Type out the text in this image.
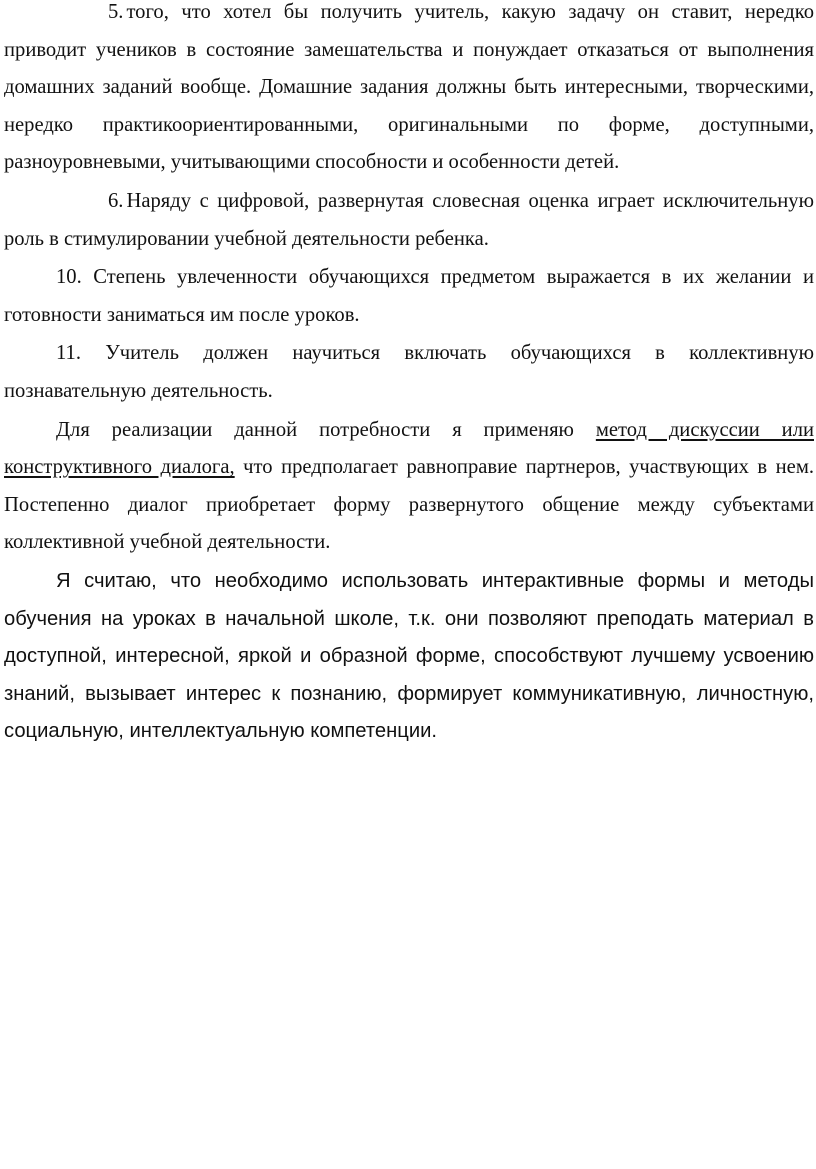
5. того, что хотел бы получить учитель, какую задачу он ставит, нередко приводит учеников в состояние замешательства и понуждает отказаться от выполнения домашних заданий вообще. Домашние задания должны быть интересными, творческими, нередко практикоориентированными, оригинальными по форме, доступными, разноуровневыми, учитывающими способности и особенности детей.

6. Наряду с цифровой, развернутая словесная оценка играет исключительную роль в стимулировании учебной деятельности ребенка.

10. Степень увлеченности обучающихся предметом выражается в их желании и готовности заниматься им после уроков.

11. Учитель должен научиться включать обучающихся в коллективную познавательную деятельность.

Для реализации данной потребности я применяю метод дискуссии или конструктивного диалога, что предполагает равноправие партнеров, участвующих в нем. Постепенно диалог приобретает форму развернутого общение между субъектами коллективной учебной деятельности.

Я считаю, что необходимо использовать интерактивные формы и методы обучения на уроках в начальной школе, т.к. они позволяют преподать материал в доступной, интересной, яркой и образной форме, способствуют лучшему усвоению знаний, вызывает интерес к познанию, формирует коммуникативную, личностную, социальную, интеллектуальную компетенции.
